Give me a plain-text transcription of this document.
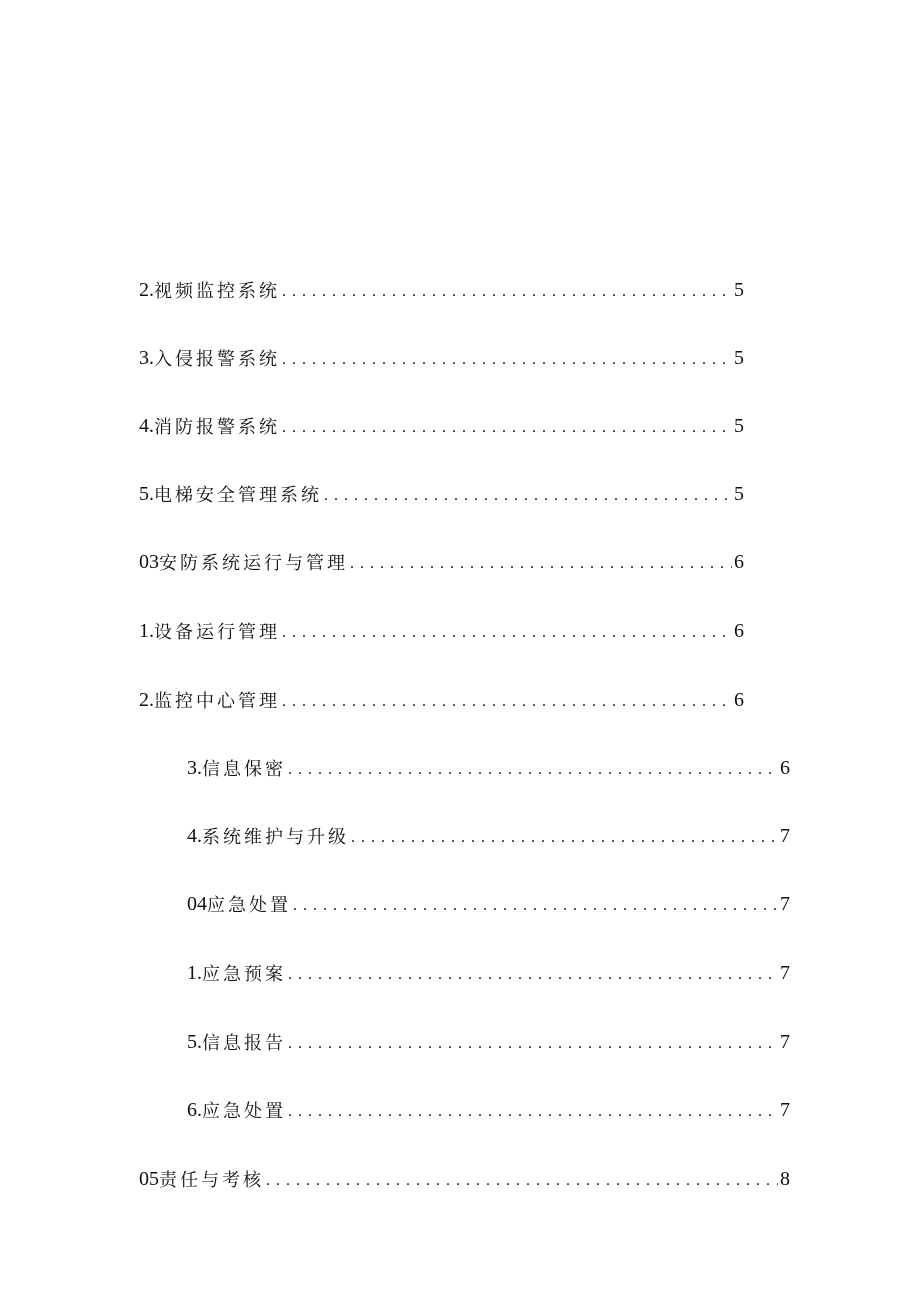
2 . 视频监控系统 .....	5
3 . 入侵报警系统 .....	5
4 . 消防报警系统 .....	5
5 . 电梯安全管理系统 .....	5
03 安防系统运行与管理 .....	6
1. 设备运行管理 .....	6
2. 监控中心管理 .....	6
3 . 信息保密 .....	6
4 . 系统维护与升级 .....	7
04 应急处置 .....	7
1. 应急预案 .....	7
5 . 信息报告 .....	7
6 . 应急处置 .....	7
05 责任与考核 .....	8
